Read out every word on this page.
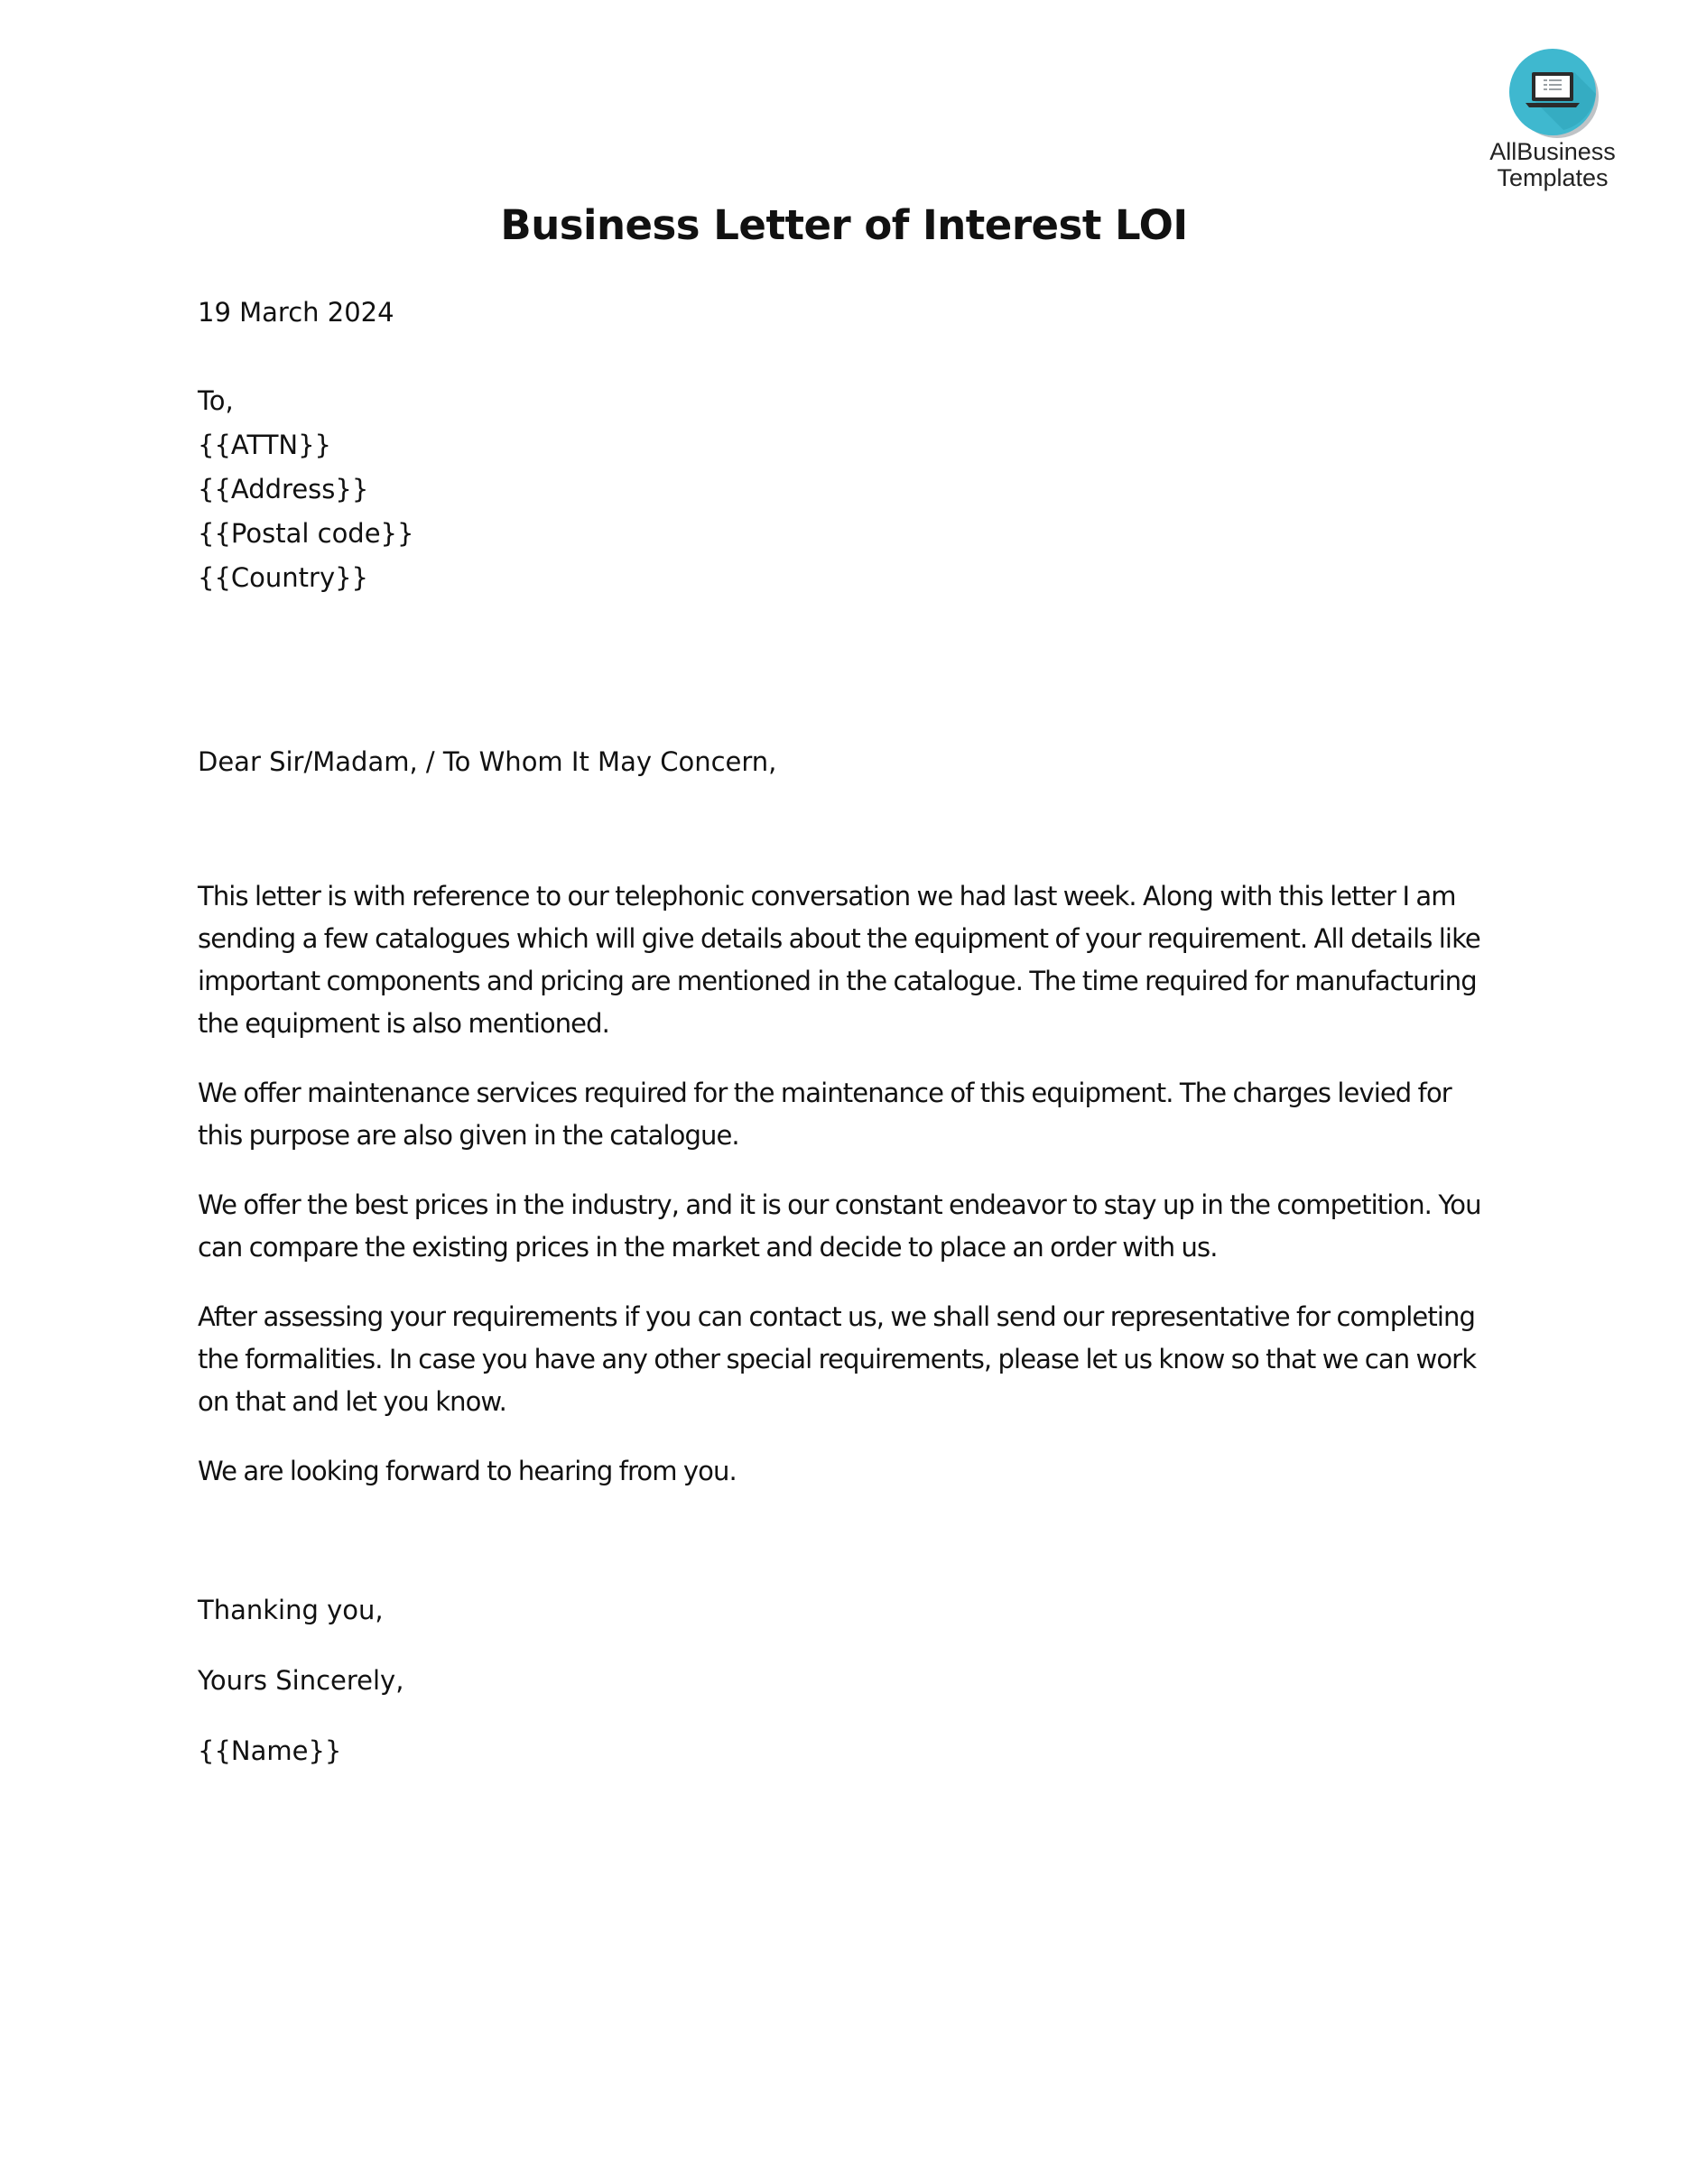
AllBusiness
Templates
Business Letter of Interest LOI
19 March 2024
To,
{{ATTN}}
{{Address}}
{{Postal code}}
{{Country}}
Dear Sir/Madam, / To Whom It May Concern,

This letter is with reference to our telephonic conversation we had last week. Along with this letter I am sending a few catalogues which will give details about the equipment of your requirement. All details like important components and pricing are mentioned in the catalogue. The time required for manufacturing the equipment is also mentioned.

We offer maintenance services required for the maintenance of this equipment. The charges levied for this purpose are also given in the catalogue.

We offer the best prices in the industry, and it is our constant endeavor to stay up in the competition. You can compare the existing prices in the market and decide to place an order with us.

After assessing your requirements if you can contact us, we shall send our representative for completing the formalities. In case you have any other special requirements, please let us know so that we can work on that and let you know.

We are looking forward to hearing from you.

Thanking you,
Yours Sincerely,
{{Name}}
